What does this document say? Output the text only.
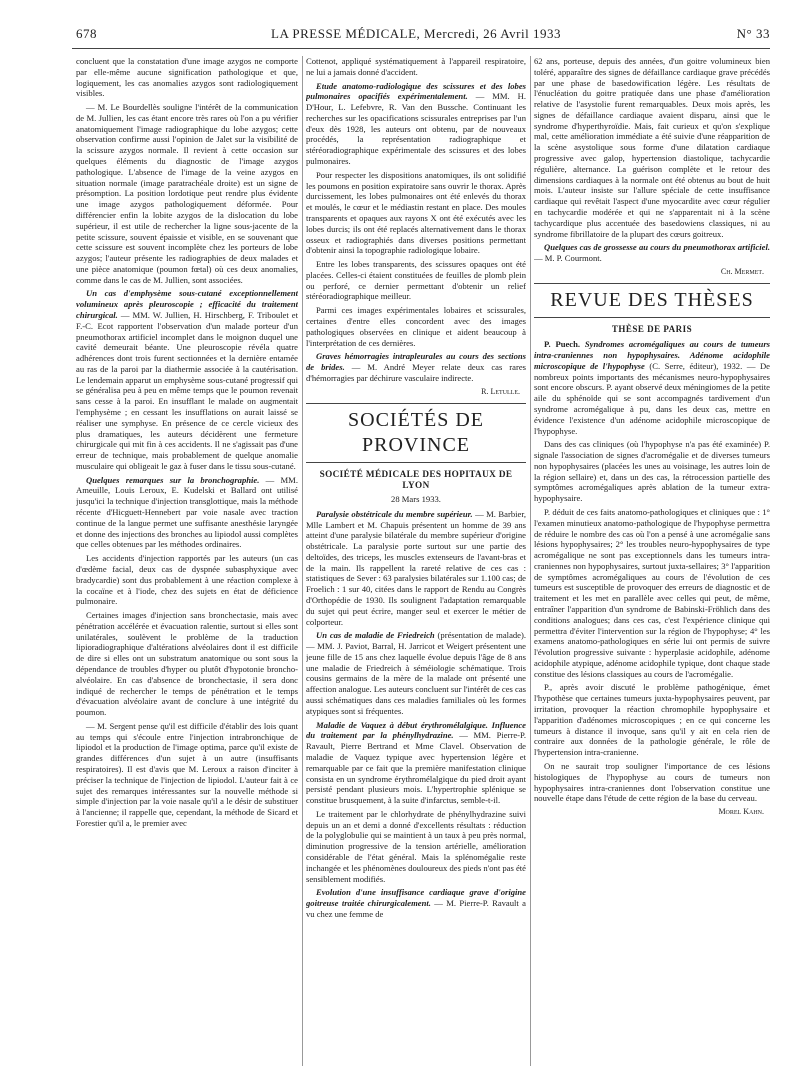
678	LA PRESSE MÉDICALE, Mercredi, 26 Avril 1933	N° 33

concluent que la constatation d'une image azygos ne comporte par elle-même aucune signification pathologique et que, logiquement, les cas anomalies azygos sont radiologiquement visibles.

— M. Le Bourdellès souligne l'intérêt de la communication de M. Jullien, les cas étant encore très rares où l'on a pu vérifier anatomiquement l'image radiographique du lobe azygos; cette observation confirme aussi l'opinion de Jalet sur la visibilité de la scissure azygos normale. Il revient à cette occasion sur quelques éléments du diagnostic de l'image azygos pathologique. L'absence de l'image de la veine azygos en situation normale (image paratrachéale droite) est un signe de présomption. La position lordotique peut rendre plus évidente une image azygos pathologiquement déformée. Pour différencier enfin la lobite azygos de la dislocation du lobe supérieur, il est utile de rechercher la ligne sous-jacente de la petite scissure, souvent épaissie et visible, en se souvenant que cette scissure est souvent incomplète chez les porteurs de lobe azygos; l'auteur présente les radiographies de deux malades et une pièce anatomique (poumon fœtal) où ces deux anomalies, comme dans le cas de M. Jullien, sont associées.

Un cas d'emphysème sous-cutané exceptionnellement volumineux après pleuroscopie ; efficacité du traitement chirurgical. — MM. W. Jullien, H. Hirschberg, F. Triboulet et F.-C. Ecot rapportent l'observation d'un malade porteur d'un pneumothorax artificiel incomplet dans le moignon duquel une cavité demeurait béante. Une pleuroscopie révéla quatre adhérences dont trois furent sectionnées et la dernière entamée au ras de la paroi par la diathermie associée à la cautérisation. Le lendemain apparut un emphysème sous-cutané progressif qui se généralisa peu à peu en même temps que le poumon revenait sans cesse à la paroi. En insufflant le malade on augmentait l'emphysème ; en cessant les insufflations on aurait laissé se réaliser une symphyse. En présence de ce cercle vicieux des plus dramatiques, les auteurs décidèrent une fermeture chirurgicale qui mit fin à ces accidents. Il ne s'agissait pas d'une erreur de technique, mais probablement de quelque anomalie musculaire qui obligeait le gaz à fuser dans le tissu sous-cutané.

Quelques remarques sur la bronchographie. — MM. Ameuille, Louis Leroux, E. Kudelski et Ballard ont utilisé jusqu'ici la technique d'injection transglottique, mais la méthode récente d'Hicguett-Hennebert par voie nasale avec traction continue de la langue permet une suffisante anesthésie laryngée et donne des injections des bronches au lipiodol aussi complètes que celles obtenues par les méthodes ordinaires.

Les accidents d'injection rapportés par les auteurs (un cas d'œdème facial, deux cas de dyspnée subasphyxique avec bradycardie) sont dus probablement à une réaction complexe à la cocaïne et à l'iode, chez des sujets en état de déficience pulmonaire.

Certaines images d'injection sans bronchectasie, mais avec pénétration accélérée et évacuation ralentie, surtout si elles sont unilatérales, soulèvent le problème de la traduction lipioradiographique d'altérations alvéolaires dont il est difficile de dire si elles ont un substratum anatomique ou sont sous la dépendance de troubles d'hyper ou plutôt d'hypotonie broncho-alvéolaire. En cas d'absence de bronchectasie, il sera donc indiqué de rechercher le temps de pénétration et le temps d'évacuation alvéolaire avant de conclure à une intégrité du poumon.

— M. Sergent pense qu'il est difficile d'établir des lois quant au temps qui s'écoule entre l'injection intrabronchique de lipiodol et la production de l'image optima, parce qu'il existe de grandes différences d'un sujet à un autre (insuffisants respiratoires). Il est d'avis que M. Leroux a raison d'inciter à préciser la technique de l'injection de lipiodol. L'auteur fait à ce sujet des remarques intéressantes sur la nouvelle méthode si simple d'injection par la voie nasale qu'il a le désir de substituer à l'ancienne; il rappelle que, cependant, la méthode de Sicard et Forestier qu'il a, le premier avec

Cottenot, appliqué systématiquement à l'appareil respiratoire, ne lui a jamais donné d'accident.

Etude anatomo-radiologique des scissures et des lobes pulmonaires opacifiés expérimentalement. — MM. H. D'Hour, L. Lefebvre, R. Van den Bussche. Continuant les recherches sur les opacifications scissurales entreprises par l'un d'eux dès 1928, les auteurs ont obtenu, par de nouveaux procédés, la représentation radiographique et stéréoradiographique expérimentale des scissures et des lobes pulmonaires.

Pour respecter les dispositions anatomiques, ils ont solidifié les poumons en position expiratoire sans ouvrir le thorax. Après durcissement, les lobes pulmonaires ont été enlevés du thorax et moulés, le cœur et le médiastin restant en place. Des moules transparents et opaques aux rayons X ont été exécutés avec les lobes durcis; ils ont été replacés alternativement dans le thorax osseux et radiographiés dans diverses positions permettant d'obtenir ainsi la topographie radiologique lobaire.

Entre les lobes transparents, des scissures opaques ont été placées. Celles-ci étaient constituées de feuilles de plomb plein ou perforé, ce dernier permettant d'obtenir un relief stéréoradiographique meilleur.

Parmi ces images expérimentales lobaires et scissurales, certaines d'entre elles concordent avec des images pathologiques observées en clinique et aident beaucoup à l'interprétation de ces dernières.

Graves hémorragies intrapleurales au cours des sections de brides. — M. André Meyer relate deux cas rares d'hémorragies par déchirure vasculaire indirecte.

R. Letulle.

SOCIÉTÉS DE PROVINCE
SOCIÉTÉ MÉDICALE DES HOPITAUX DE LYON
28 Mars 1933.

Paralysie obstétricale du membre supérieur. — M. Barbier, Mlle Lambert et M. Chapuis présentent un homme de 39 ans atteint d'une paralysie bilatérale du membre supérieur d'origine obstétricale. La paralysie porte surtout sur une partie des deltoïdes, des triceps, les muscles extenseurs de l'avant-bras et de la main. Ils rappellent la rareté relative de ces cas : statistiques de Sever : 63 paralysies bilatérales sur 1.100 cas; de Froelich : 1 sur 40, citées dans le rapport de Rendu au Congrès d'Orthopédie de 1930. Ils soulignent l'adaptation remarquable du sujet qui peut écrire, manger seul et exercer le métier de colporteur.

Un cas de maladie de Friedreich (présentation de malade). — MM. J. Paviot, Barral, H. Jarricot et Weigert présentent une jeune fille de 15 ans chez laquelle évolue depuis l'âge de 8 ans une maladie de Friedreich à séméiologie schématique. Trois cousins germains de la mère de la malade ont présenté une affection analogue. Les auteurs concluent sur l'intérêt de ces cas aussi schématiques dans ces maladies familiales où les formes atypiques sont si fréquentes.

Maladie de Vaquez à début érythromélalgique. Influence du traitement par la phénylhydrazine. — MM. Pierre-P. Ravault, Pierre Bertrand et Mme Clavel. Observation de maladie de Vaquez typique avec hypertension légère et remarquable par ce fait que la première manifestation clinique consista en un syndrome érythromélalgique du pied droit ayant persisté pendant plusieurs mois. L'hypertrophie splénique se constitue brusquement, à la suite d'infarctus, semble-t-il.

Le traitement par le chlorhydrate de phénylhydrazine suivi depuis un an et demi a donné d'excellents résultats : réduction de la polyglobulie qui se maintient à un taux à peu près normal, diminution progressive de la tension artérielle, amélioration considérable de l'état général. Mais la splénomégalie reste inchangée et les phénomènes douloureux des pieds n'ont pas été sensiblement modifiés.

Evolution d'une insuffisance cardiaque grave d'origine goitreuse traitée chirurgicalement. — M. Pierre-P. Ravault a vu chez une femme de

62 ans, porteuse, depuis des années, d'un goitre volumineux bien toléré, apparaître des signes de défaillance cardiaque grave précédés par une phase de basedowification légère. Les résultats de l'énucléation du goitre pratiquée dans une phase d'amélioration relative de l'asystolie furent remarquables. Deux mois après, les signes de défaillance cardiaque avaient disparu, ainsi que le syndrome d'hyperthyroïdie. Mais, fait curieux et qu'on s'explique mal, cette amélioration immédiate a été suivie d'une réapparition de la scène asystolique sous forme d'une dilatation cardiaque progressive avec galop, hypertension diastolique, tachycardie régulière, alternance. La guérison complète et le retour des dimensions cardiaques à la normale ont été obtenus au bout de huit mois. L'auteur insiste sur l'allure spéciale de cette insuffisance cardiaque qui revêtait l'aspect d'une myocardite avec cœur régulier en tachycardie modérée et qui ne s'apparentait ni à la scène tachycardique plus accentuée des basedowiens classiques, ni au syndrome fibrillatoire de la plupart des cœurs goitreux.

Quelques cas de grossesse au cours du pneumothorax artificiel. — M. P. Courmont.

Ch. Mermet.

REVUE DES THÈSES
THÈSE DE PARIS

P. Puech. Syndromes acromégaliques au cours de tumeurs intra-craniennes non hypophysaires. Adénome acidophile microscopique de l'hypophyse (C. Serre, éditeur), 1932. — De nombreux points importants des mécanismes neuro-hypophysaires sont encore obscurs. P. ayant observé deux méningiomes de la petite aile du sphénoïde qui se sont accompagnés tardivement d'un syndrome acromégalique à pu, dans les deux cas, mettre en évidence l'existence d'un adénome acidophile microscopique de l'hypophyse.

Dans des cas cliniques (où l'hypophyse n'a pas été examinée) P. signale l'association de signes d'acromégalie et de diverses tumeurs non hypophysaires (placées les unes au voisinage, les autres loin de la région sellaire) et, dans un des cas, la rétrocession partielle des symptômes acromégaliques après ablation de la tumeur extra-hypophysaire.

P. déduit de ces faits anatomo-pathologiques et cliniques que : 1° l'examen minutieux anatomo-pathologique de l'hypophyse permettra de réduire le nombre des cas où l'on a pensé à une acromégalie sans lésions hypophysaires; 2° les troubles neuro-hypophysaires de type acromégalique ne sont pas exceptionnels dans les tumeurs intra-craniennes non hypophysaires, surtout juxta-sellaires; 3° l'apparition de symptômes acromégaliques au cours de l'évolution de ces tumeurs est susceptible de provoquer des erreurs de diagnostic et de traitement et les met en parallèle avec celles qui peut, de même, entraîner l'apparition d'un syndrome de Babinski-Fröhlich dans des conditions analogues; dans ces cas, c'est l'expérience clinique qui permettra d'éviter l'intervention sur la région de l'hypophyse; 4° les examens anatomo-pathologiques en série lui ont permis de suivre l'évolution progressive suivante : hyperplasie acidophile, adénome acidophile atypique, adénome acidophile typique, dont chaque stade constitue des lésions classiques au cours de l'acromégalie.

P., après avoir discuté le problème pathogénique, émet l'hypothèse que certaines tumeurs juxta-hypophysaires peuvent, par irritation, provoquer la réaction chromophile hypophysaire et l'apparition d'adénomes microscopiques ; en ce qui concerne les tumeurs à distance il invoque, sans qu'il y ait en cela rien de contraire aux données de la pathologie générale, le rôle de l'hypertension intra-cranienne.

On ne saurait trop souligner l'importance de ces lésions histologiques de l'hypophyse au cours de tumeurs non hypophysaires intra-craniennes dont l'observation constitue une nouvelle étape dans l'étude de cette région de la base du cerveau.

Morel Kahn.
